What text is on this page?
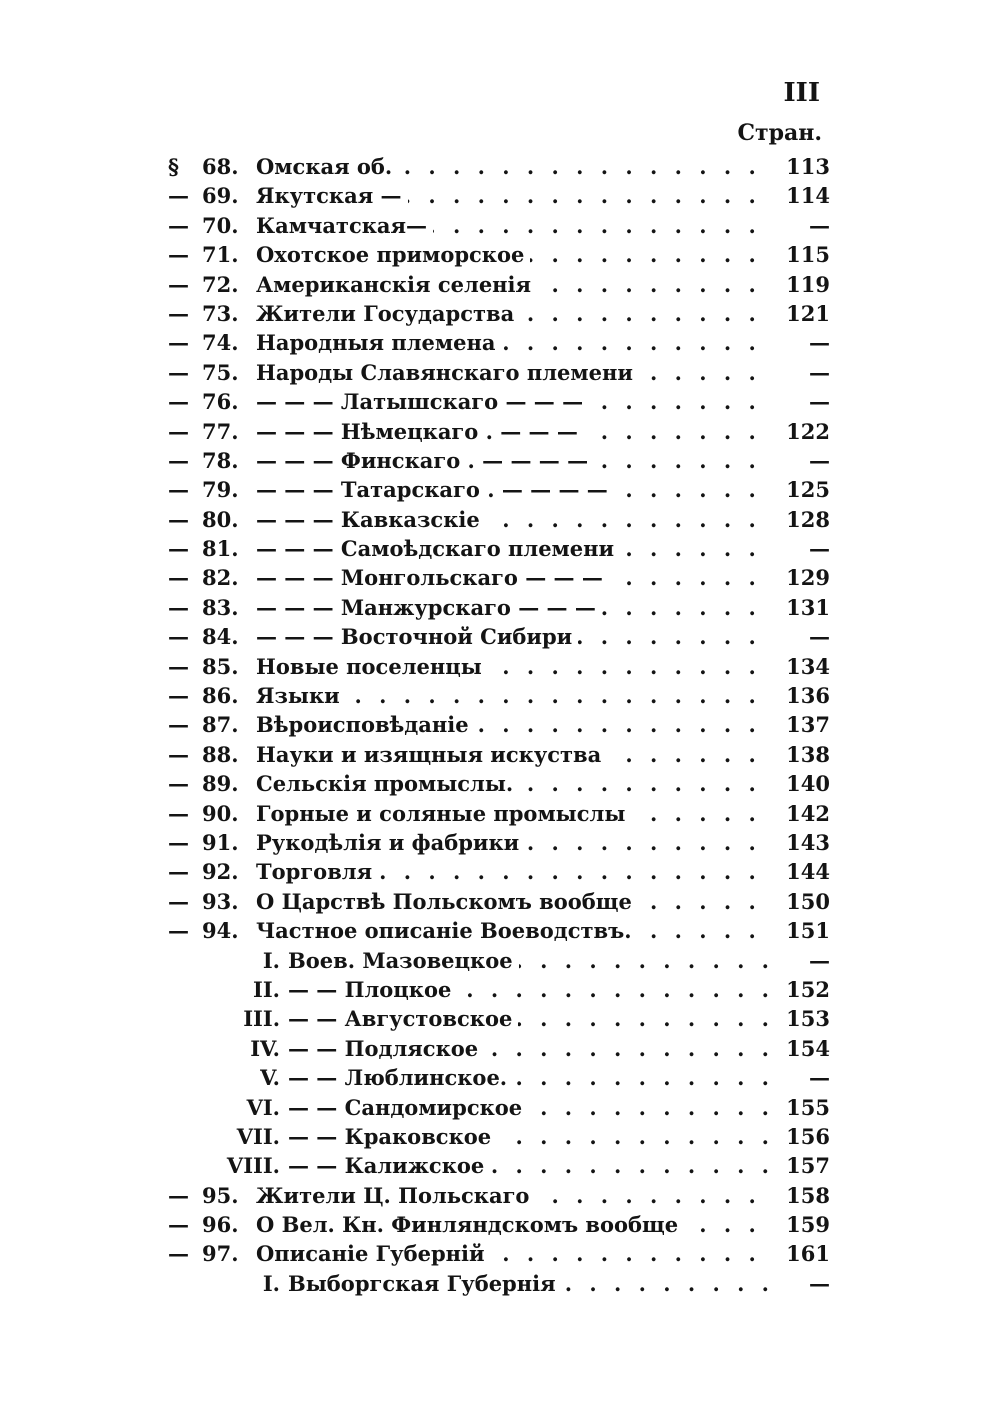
III
Стран.
§	68. Омская об. . . .	113
— 69. Якутская — . . .	114
— 70. Камчатская— . . .	—
— 71. Охотское приморское . . .	115
— 72. Американскія селенія . . .	119
— 73. Жители Государства . . .	121
— 74. Народныя племена . . .	—
— 75. Народы Славянскаго племени . . .	—
— 76. — — — Латышскаго — — — . . .	—
— 77. — — — Нѣмецкаго . — — — . . .	122
— 78. — — — Финскаго . — — — — . . .	—
— 79. — — — Татарскаго . — — — — . . .	125
— 80. — — — Кавказскіе . . .	128
— 81. — — — Самоѣдскаго племени . . .	—
— 82. — — — Монгольскаго — — — . . .	129
— 83. — — — Манжурскаго — — — . . .	131
— 84. — — — Восточной Сибири . . .	—
— 85. Новые поселенцы . . .	134
— 86. Языки . . .	136
— 87. Вѣроисповѣданіе . . .	137
— 88. Науки и изящныя искуства . . .	138
— 89. Сельскія промыслы. . . .	140
— 90. Горные и соляные промыслы . . .	142
— 91. Рукодѣлія и фабрики . . .	143
— 92. Торговля . . .	144
— 93. О Царствѣ Польскомъ вообще . . .	150
— 94. Частное описаніе Воеводствъ. . . .	151
I. Воев. Мазовецкое . . .	—
II. — — Плоцкое . . .	152
III. — — Августовское . . .	153
IV. — — Подляское . . .	154
V. — — Люблинское. . . .	—
VI. — — Сандомирское . . .	155
VII. — — Краковское . . .	156
VIII. — — Калижское . . .	157
— 95. Жители Ц. Польскаго . . .	158
— 96. О Вел. Кн. Финляндскомъ вообще . . .	159
— 97. Описаніе Губерній . . .	161
I. Выборгская Губернія . . .	—
